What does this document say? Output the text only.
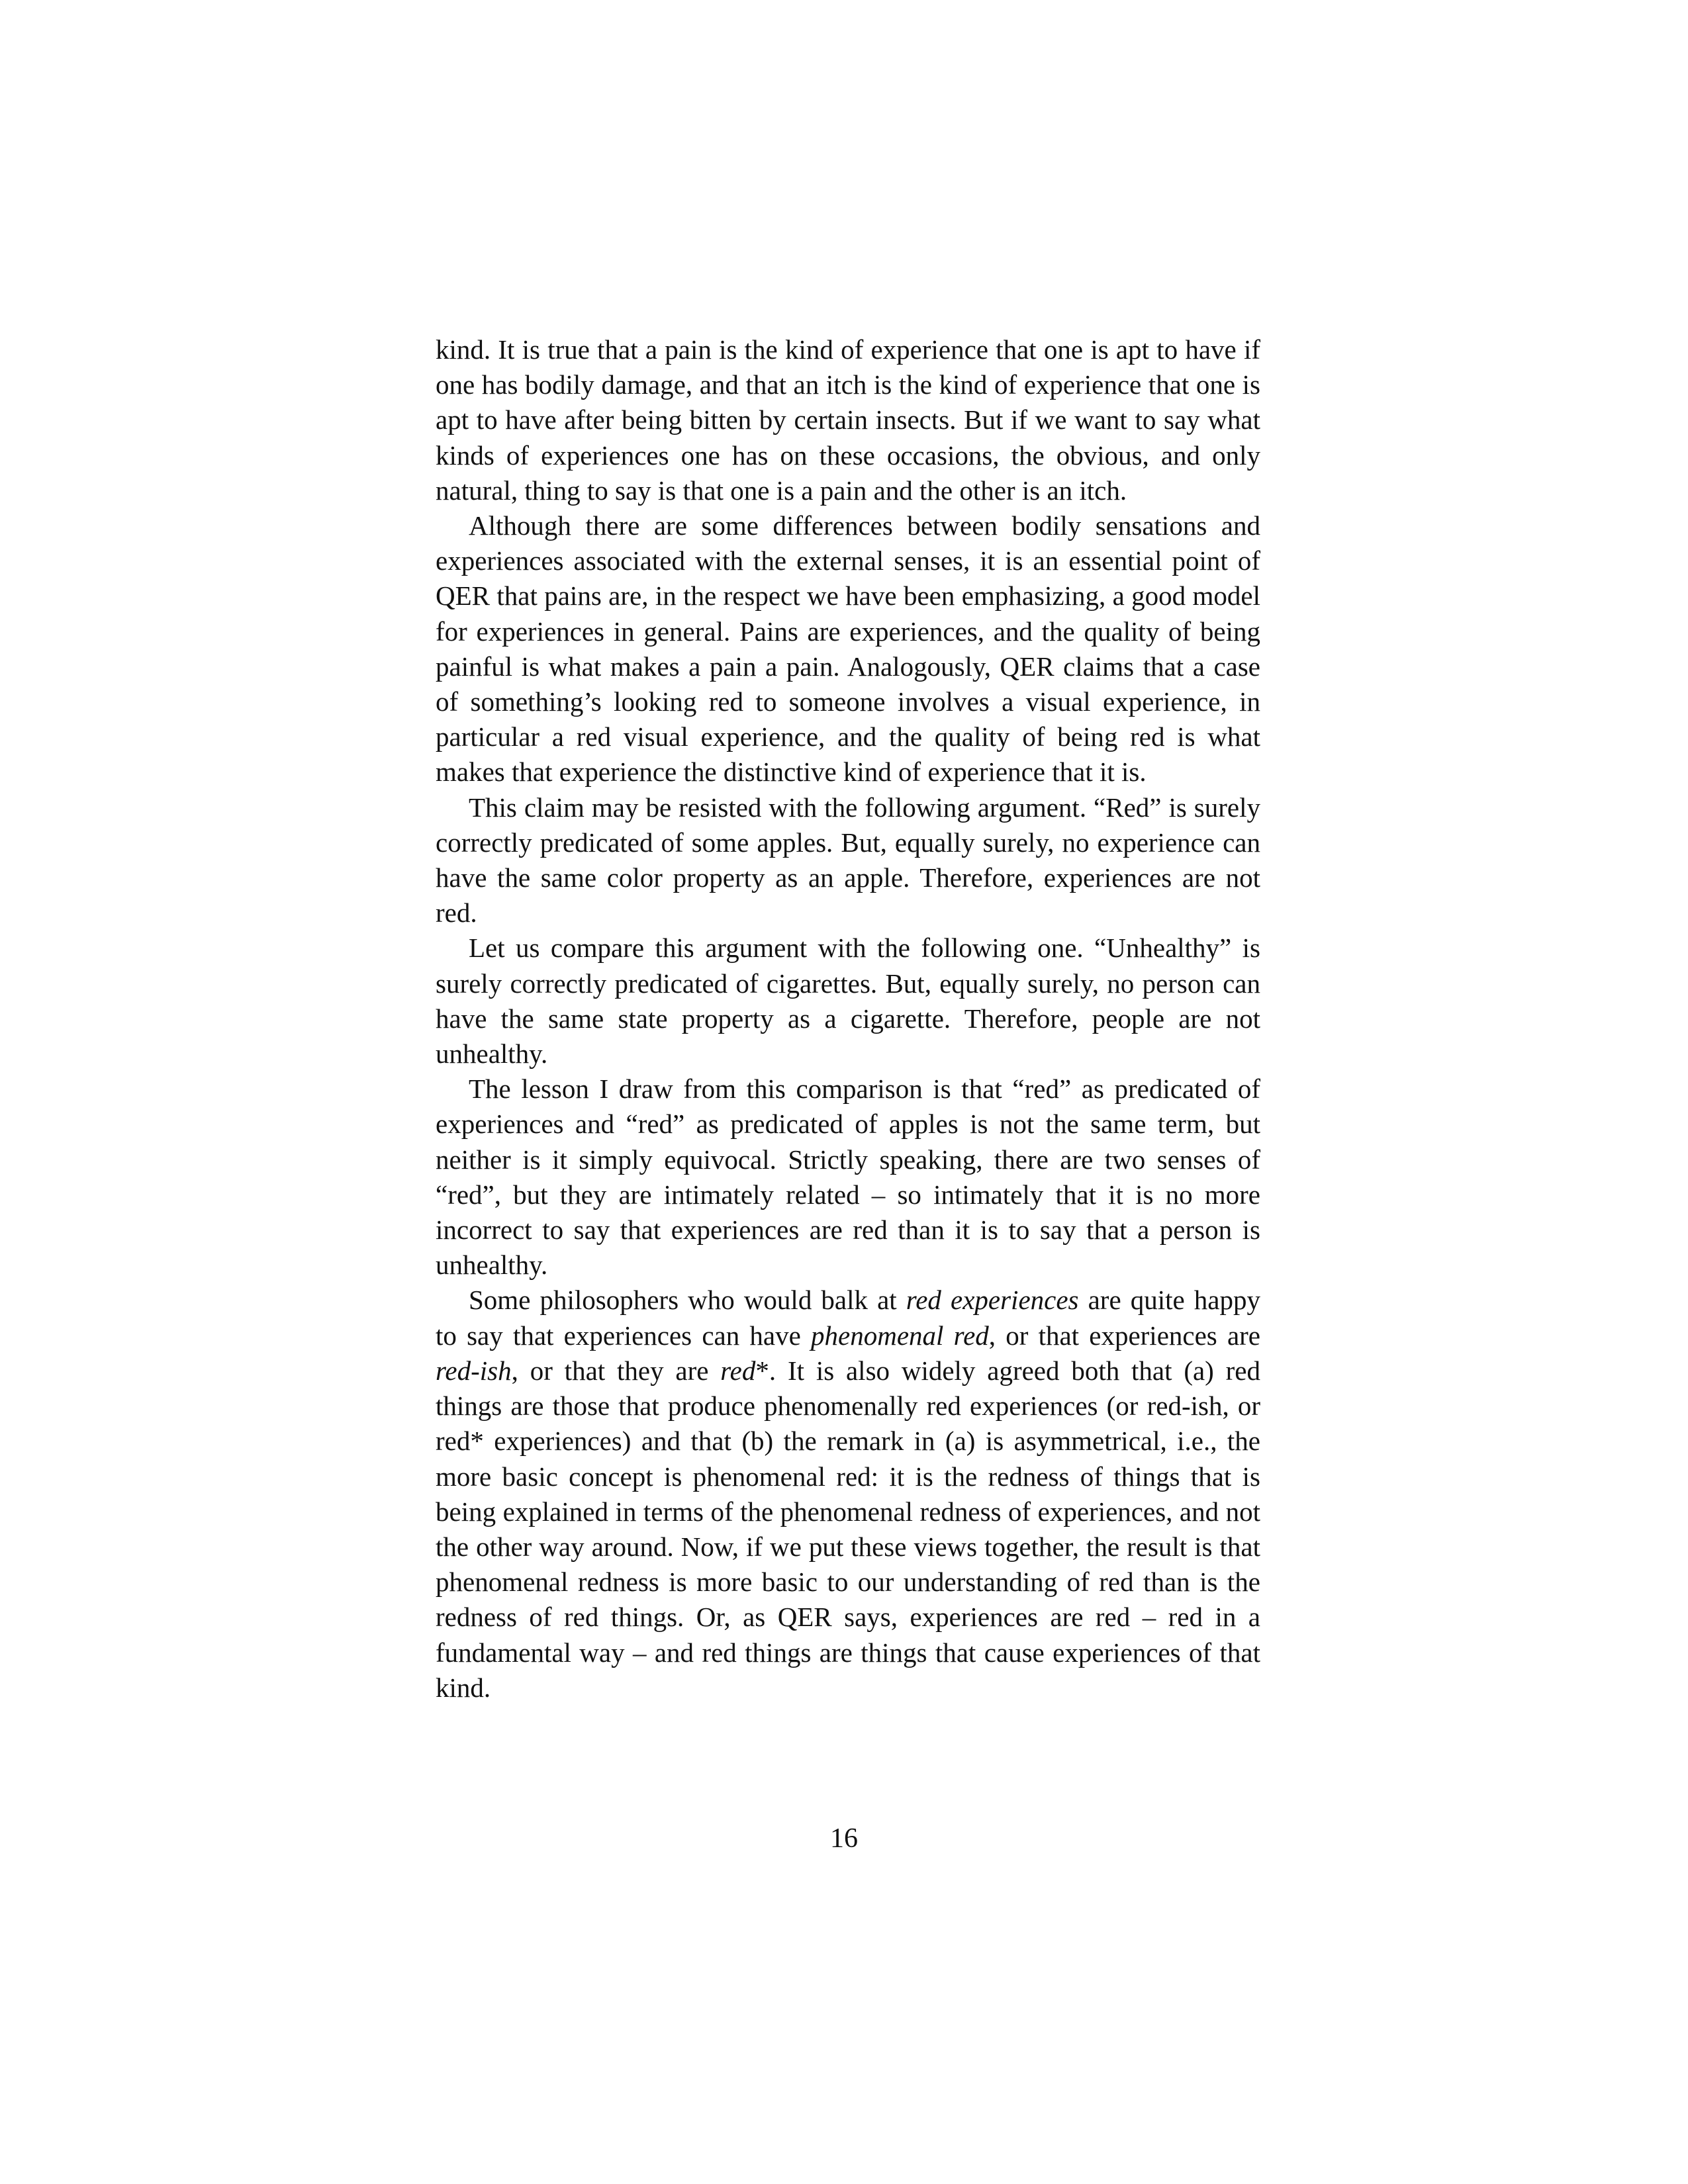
kind. It is true that a pain is the kind of experience that one is apt to have if one has bodily damage, and that an itch is the kind of experience that one is apt to have after being bitten by certain insects. But if we want to say what kinds of experiences one has on these occasions, the obvious, and only natural, thing to say is that one is a pain and the other is an itch.

Although there are some differences between bodily sensations and experiences associated with the external senses, it is an essential point of QER that pains are, in the respect we have been emphasizing, a good model for experiences in general. Pains are experiences, and the quality of being painful is what makes a pain a pain. Analogously, QER claims that a case of something’s looking red to someone involves a visual experience, in particular a red visual experience, and the quality of being red is what makes that experience the distinctive kind of experience that it is.

This claim may be resisted with the following argument. “Red” is surely correctly predicated of some apples. But, equally surely, no experience can have the same color property as an apple. Therefore, experiences are not red.

Let us compare this argument with the following one. “Unhealthy” is surely correctly predicated of cigarettes. But, equally surely, no person can have the same state property as a cigarette. Therefore, people are not unhealthy.

The lesson I draw from this comparison is that “red” as predicated of experiences and “red” as predicated of apples is not the same term, but neither is it simply equivocal. Strictly speaking, there are two senses of “red”, but they are intimately related – so intimately that it is no more incorrect to say that experiences are red than it is to say that a person is unhealthy.

Some philosophers who would balk at red experiences are quite happy to say that experiences can have phenomenal red, or that experiences are red-ish, or that they are red*. It is also widely agreed both that (a) red things are those that produce phenomenally red experiences (or red-ish, or red* experiences) and that (b) the remark in (a) is asymmetrical, i.e., the more basic concept is phenomenal red: it is the redness of things that is being explained in terms of the phenomenal redness of experiences, and not the other way around. Now, if we put these views together, the result is that phenomenal redness is more basic to our understanding of red than is the redness of red things. Or, as QER says, experiences are red – red in a fundamental way – and red things are things that cause experiences of that kind.

16
